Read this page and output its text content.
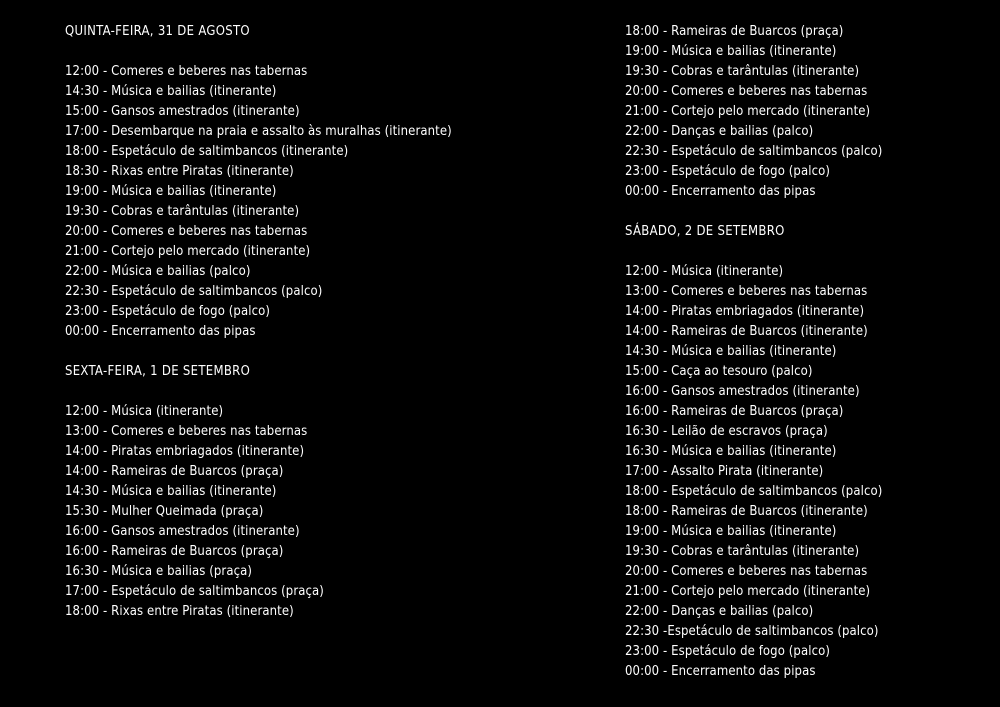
QUINTA-FEIRA, 31 DE AGOSTO
12:00 - Comeres e beberes nas tabernas
14:30 - Música e bailias (itinerante)
15:00 - Gansos amestrados (itinerante)
17:00 - Desembarque na praia e assalto às muralhas (itinerante)
18:00 - Espetáculo de saltimbancos (itinerante)
18:30 - Rixas entre Piratas (itinerante)
19:00 - Música e bailias (itinerante)
19:30 - Cobras e tarântulas (itinerante)
20:00 - Comeres e beberes nas tabernas
21:00 - Cortejo pelo mercado (itinerante)
22:00 - Música e bailias (palco)
22:30 - Espetáculo de saltimbancos (palco)
23:00 - Espetáculo de fogo (palco)
00:00 - Encerramento das pipas
SEXTA-FEIRA, 1 DE SETEMBRO
12:00 - Música (itinerante)
13:00 - Comeres e beberes nas tabernas
14:00 - Piratas embriagados (itinerante)
14:00 - Rameiras de Buarcos (praça)
14:30 - Música e bailias (itinerante)
15:30 - Mulher Queimada (praça)
16:00 - Gansos amestrados (itinerante)
16:00 - Rameiras de Buarcos (praça)
16:30 - Música e bailias (praça)
17:00 - Espetáculo de saltimbancos (praça)
18:00 - Rixas entre Piratas (itinerante)
18:00 - Rameiras de Buarcos (praça)
19:00 - Música e bailias (itinerante)
19:30 - Cobras e tarântulas (itinerante)
20:00 - Comeres e beberes nas tabernas
21:00 - Cortejo pelo mercado (itinerante)
22:00 - Danças e bailias (palco)
22:30 - Espetáculo de saltimbancos (palco)
23:00 - Espetáculo de fogo (palco)
00:00 - Encerramento das pipas
SÁBADO, 2 DE SETEMBRO
12:00 - Música (itinerante)
13:00 - Comeres e beberes nas tabernas
14:00 - Piratas embriagados (itinerante)
14:00 - Rameiras de Buarcos (itinerante)
14:30 - Música e bailias (itinerante)
15:00 - Caça ao tesouro (palco)
16:00 - Gansos amestrados (itinerante)
16:00 - Rameiras de Buarcos (praça)
16:30 - Leilão de escravos (praça)
16:30 - Música e bailias (itinerante)
17:00 - Assalto Pirata (itinerante)
18:00 - Espetáculo de saltimbancos (palco)
18:00 - Rameiras de Buarcos (itinerante)
19:00 - Música e bailias (itinerante)
19:30 - Cobras e tarântulas (itinerante)
20:00 - Comeres e beberes nas tabernas
21:00 - Cortejo pelo mercado (itinerante)
22:00 - Danças e bailias (palco)
22:30 -Espetáculo de saltimbancos (palco)
23:00 - Espetáculo de fogo (palco)
00:00 - Encerramento das pipas
